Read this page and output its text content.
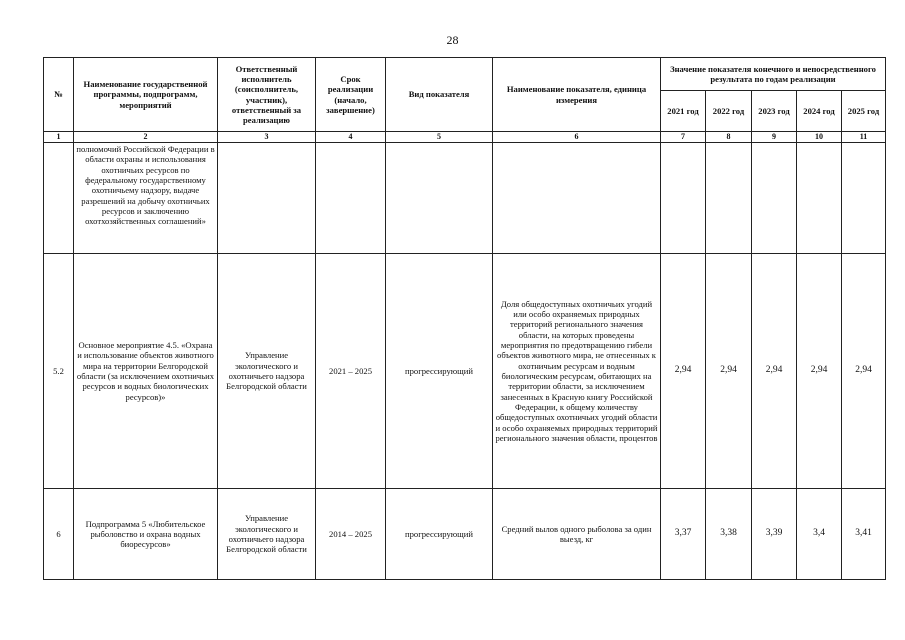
28
№	Наименование государственной программы, подпрограмм, мероприятий	Ответственный исполнитель (соисполнитель, участник), ответственный за реализацию	Срок реализации (начало, завершение)	Вид показателя	Наименование показателя, единица измерения	Значение показателя конечного и непосредственного результата по годам реализации				
						2021 год	2022 год	2023 год	2024 год	2025 год
1	2	3	4	5	6	7	8	9	10	11
	полномочий Российской Федерации в области охраны и использования охотничьих ресурсов по федеральному государственному охотничьему надзору, выдаче разрешений на добычу охотничьих ресурсов и заключению охотхозяйственных соглашений»									
5.2	Основное мероприятие 4.5. «Охрана и использование объектов животного мира на территории Белгородской области (за исключением охотничьих ресурсов и водных биологических ресурсов)»	Управление экологического и охотничьего надзора Белгородской области	2021 – 2025	прогрессирующий	Доля общедоступных охотничьих угодий или особо охраняемых природных территорий регионального значения области, на которых проведены мероприятия по предотвращению гибели объектов животного мира, не отнесенных к охотничьим ресурсам и водным биологическим ресурсам, обитающих на территории области, за исключением занесенных в Красную книгу Российской Федерации, к общему количеству общедоступных охотничьих угодий области и особо охраняемых природных территорий регионального значения области, процентов	2,94	2,94	2,94	2,94	2,94
6	Подпрограмма 5 «Любительское рыболовство и охрана водных биоресурсов»	Управление экологического и охотничьего надзора Белгородской области	2014 – 2025	прогрессирующий	Средний вылов одного рыболова за один выезд, кг	3,37	3,38	3,39	3,4	3,41
